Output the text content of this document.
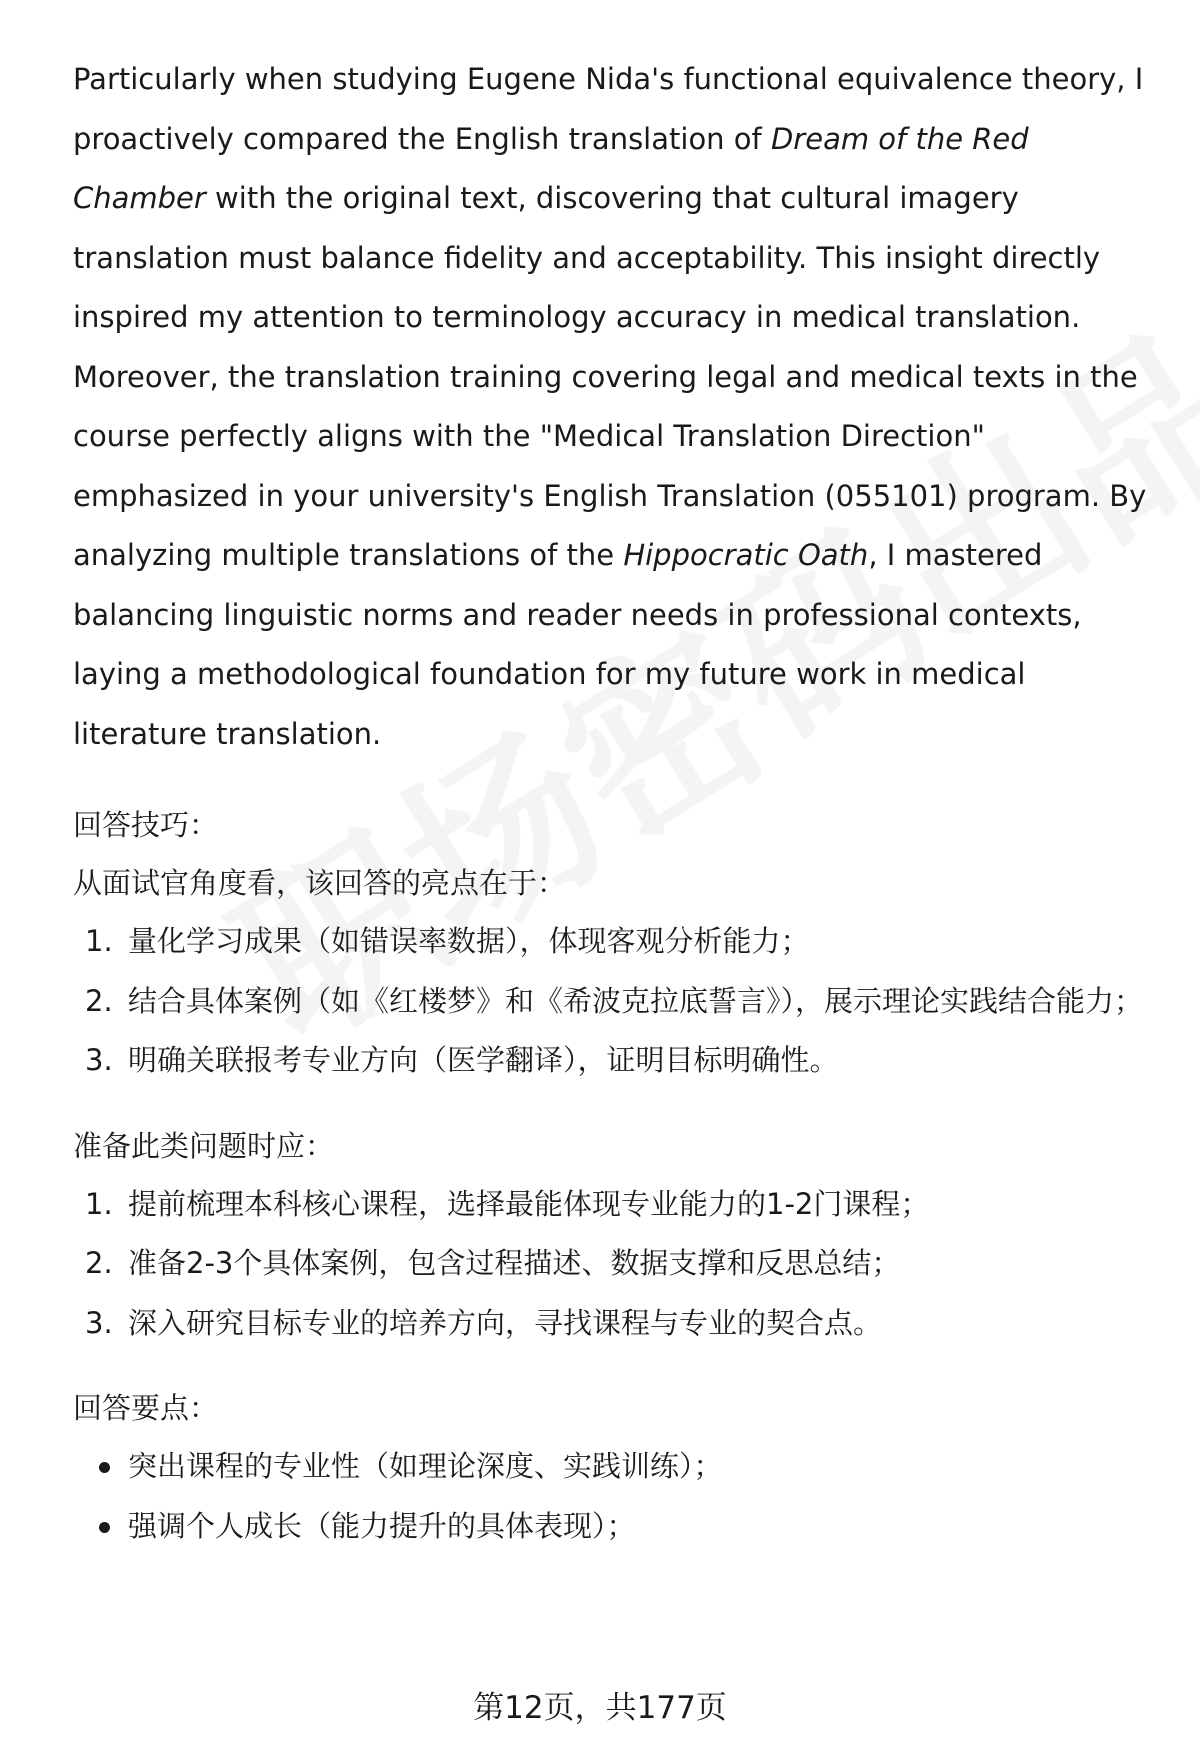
Particularly when studying Eugene Nida's functional equivalence theory, I proactively compared the English translation of Dream of the Red Chamber with the original text, discovering that cultural imagery translation must balance fidelity and acceptability. This insight directly inspired my attention to terminology accuracy in medical translation. Moreover, the translation training covering legal and medical texts in the course perfectly aligns with the "Medical Translation Direction" emphasized in your university's English Translation (055101) program. By analyzing multiple translations of the Hippocratic Oath, I mastered balancing linguistic norms and reader needs in professional contexts, laying a methodological foundation for my future work in medical literature translation.

回答技巧：

从面试官角度看，该回答的亮点在于：

1. 量化学习成果（如错误率数据），体现客观分析能力；
2. 结合具体案例（如《红楼梦》和《希波克拉底誓言》），展示理论实践结合能力；
3. 明确关联报考专业方向（医学翻译），证明目标明确性。

准备此类问题时应：

1. 提前梳理本科核心课程，选择最能体现专业能力的1-2门课程；
2. 准备2-3个具体案例，包含过程描述、数据支撑和反思总结；
3. 深入研究目标专业的培养方向，寻找课程与专业的契合点。

回答要点：

突出课程的专业性（如理论深度、实践训练）；
强调个人成长（能力提升的具体表现）；
第12页，共177页
